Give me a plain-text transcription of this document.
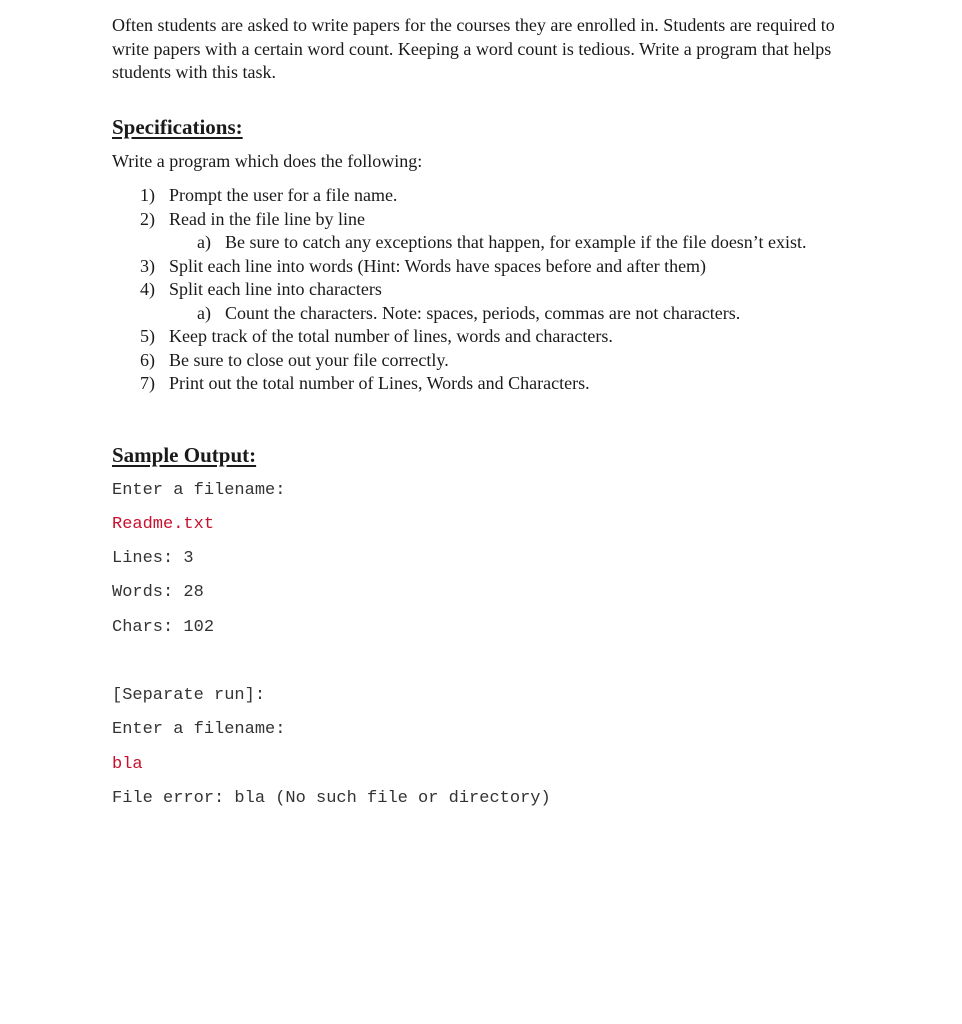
Often students are asked to write papers for the courses they are enrolled in. Students are required to write papers with a certain word count. Keeping a word count is tedious. Write a program that helps students with this task.

Specifications:

Write a program which does the following:

1) Prompt the user for a file name.
2) Read in the file line by line
a) Be sure to catch any exceptions that happen, for example if the file doesn’t exist.
3) Split each line into words (Hint: Words have spaces before and after them)
4) Split each line into characters
a) Count the characters. Note: spaces, periods, commas are not characters.
5) Keep track of the total number of lines, words and characters.
6) Be sure to close out your file correctly.
7) Print out the total number of Lines, Words and Characters.
Sample Output:

Enter a filename:

Readme.txt

Lines: 3

Words: 28

Chars: 102

[Separate run]:

Enter a filename:

bla

File error: bla (No such file or directory)
